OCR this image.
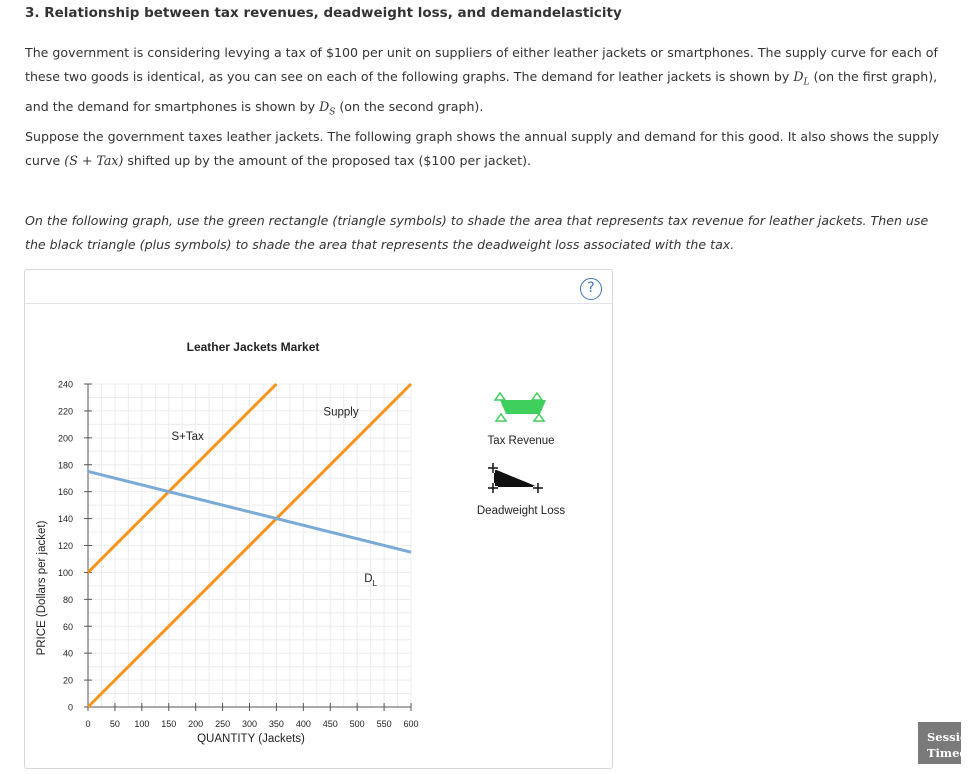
3. Relationship between tax revenues, deadweight loss, and demandelasticity
The government is considering levying a tax of $100 per unit on suppliers of either leather jackets or smartphones. The supply curve for each of these two goods is identical, as you can see on each of the following graphs. The demand for leather jackets is shown by $D_L$ (on the first graph), and the demand for smartphones is shown by $D_S$ (on the second graph).
Suppose the government taxes leather jackets. The following graph shows the annual supply and demand for this good. It also shows the supply curve (S + Tax) shifted up by the amount of the proposed tax ($100 per jacket).
On the following graph, use the green rectangle (triangle symbols) to shade the area that represents tax revenue for leather jackets. Then use the black triangle (plus symbols) to shade the area that represents the deadweight loss associated with the tax.
?
Leather Jackets Market
0
20
40
60
80
100
120
140
160
180
200
220
240
0 50 100 150 200 250 300 350 400 450 500 550 600
Supply
S+Tax
$D_L$
PRICE (Dollars per jacket)
QUANTITY (Jackets)
Tax Revenue
Deadweight Loss
Session
Timed
